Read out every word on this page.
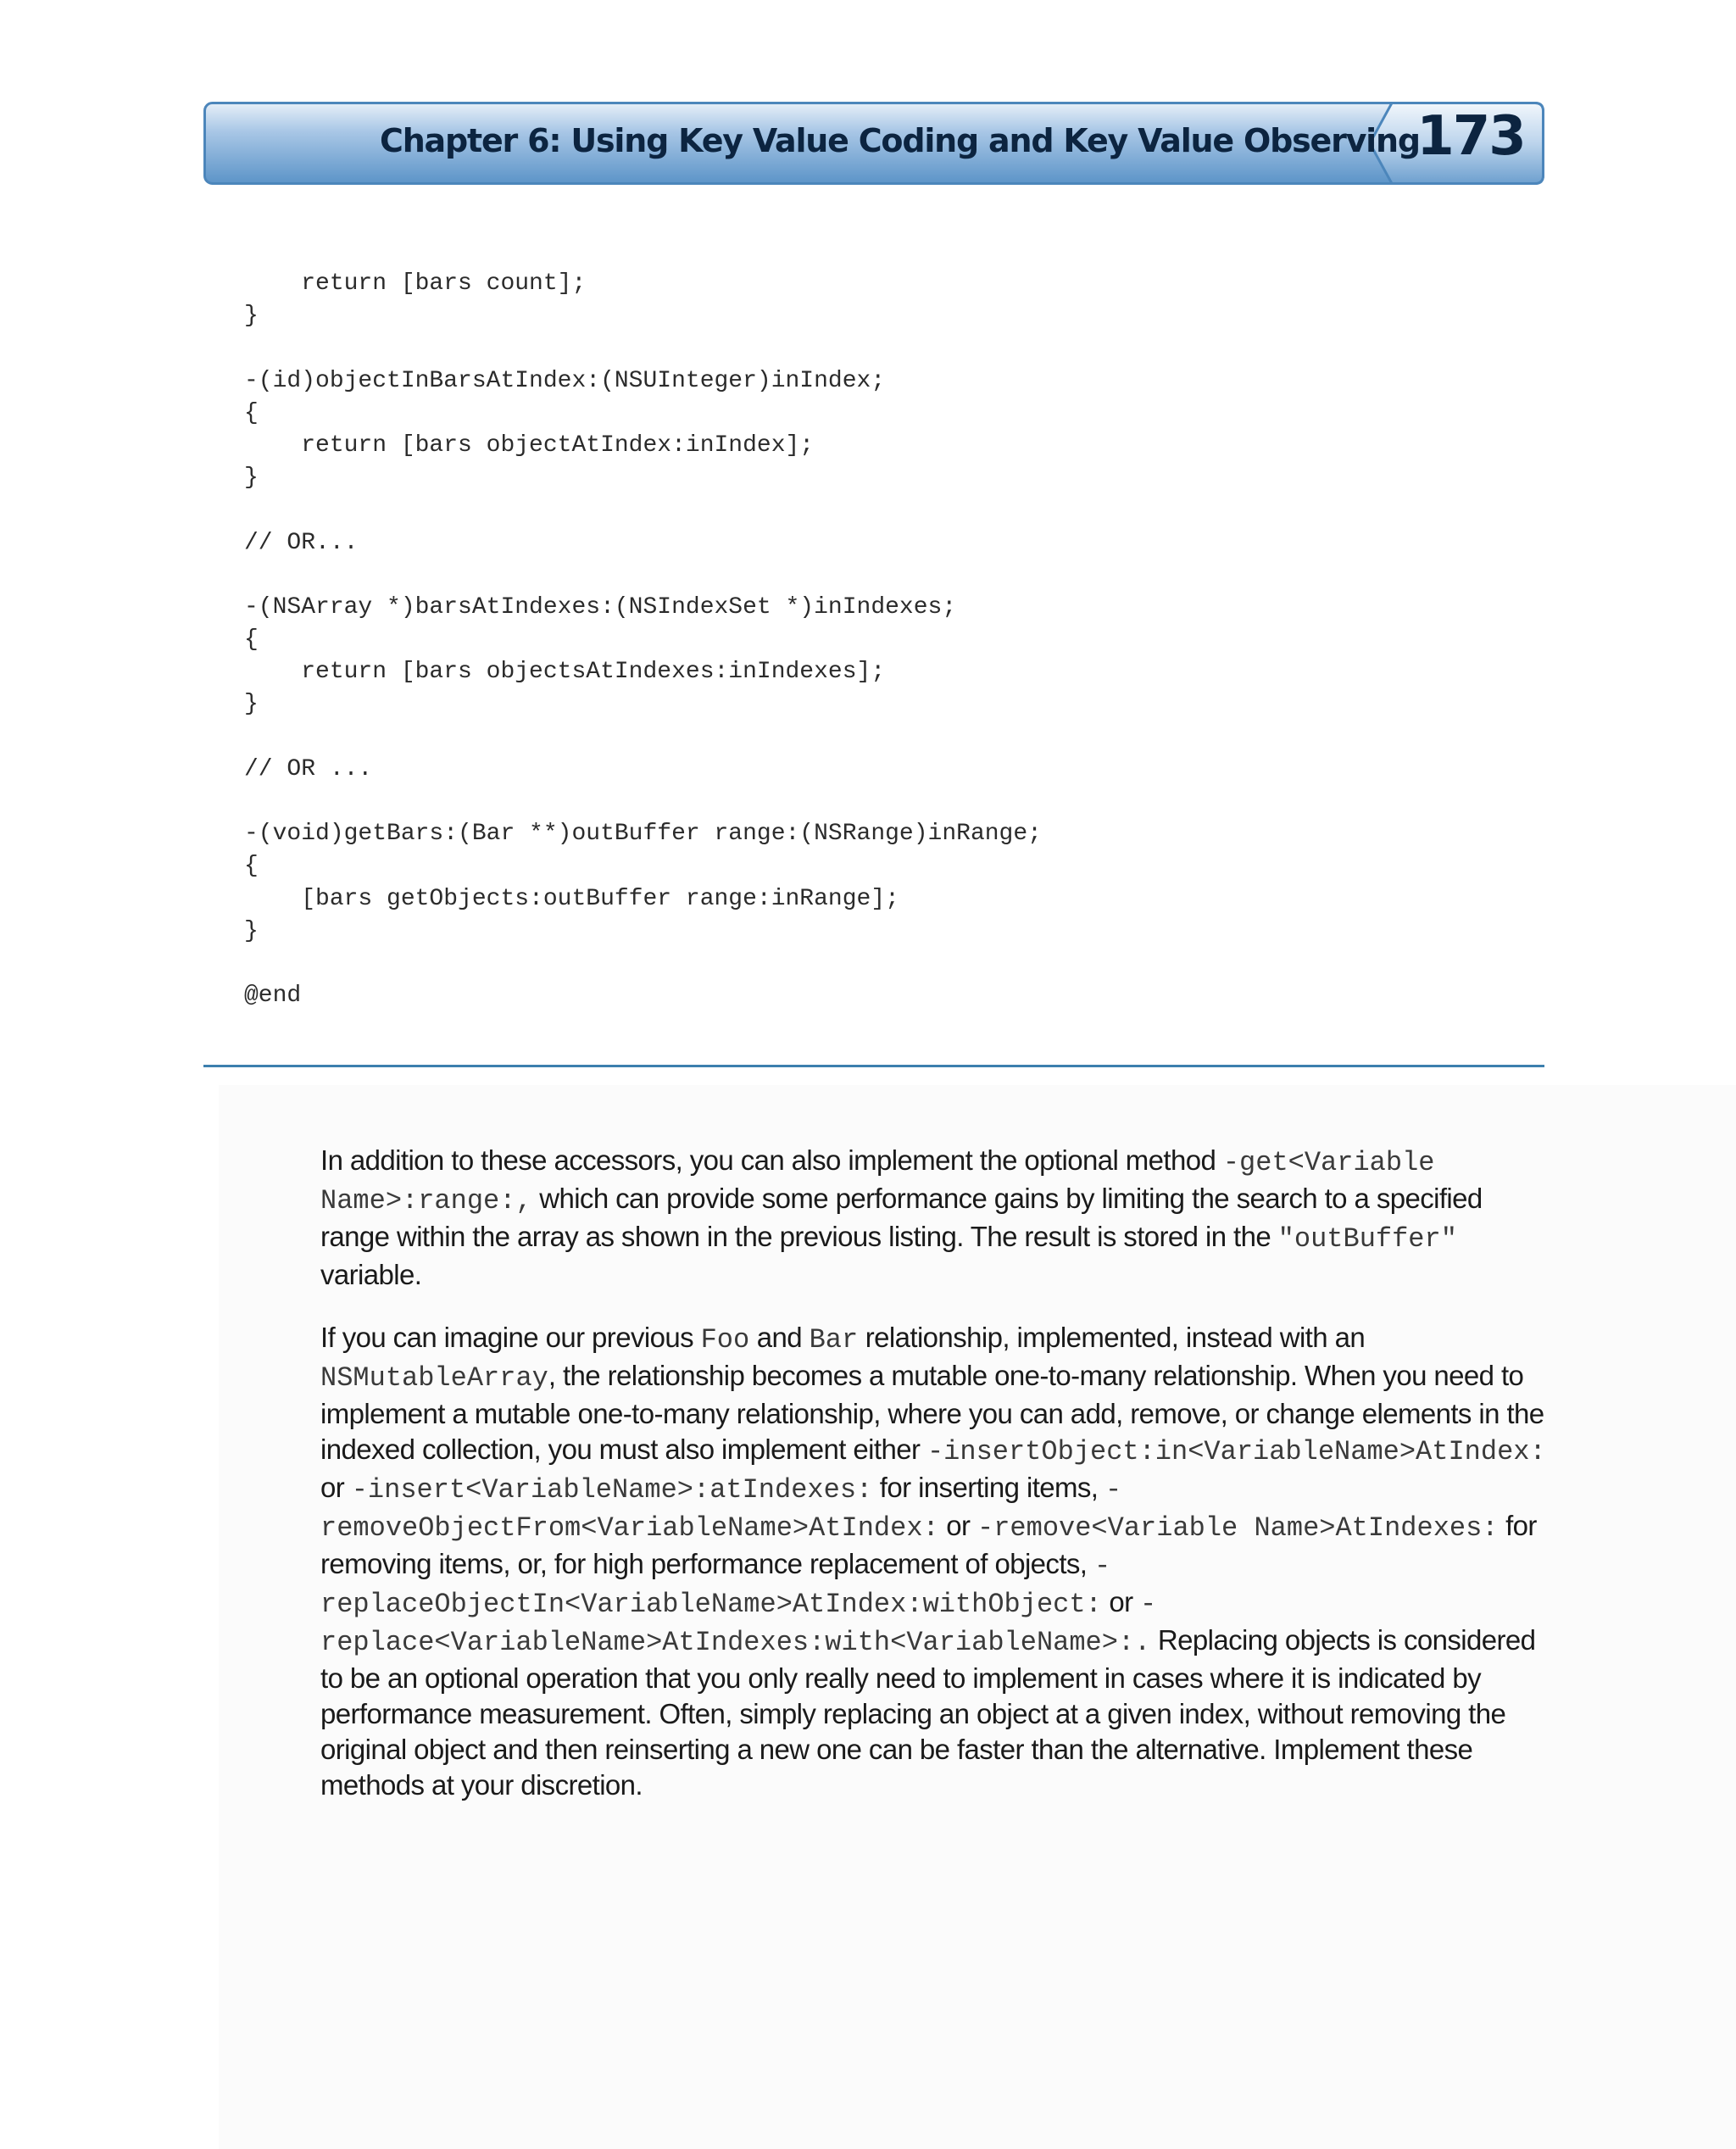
Chapter 6: Using Key Value Coding and Key Value Observing
173
return [bars count];
}
-(id)objectInBarsAtIndex:(NSUInteger)inIndex;
{
return [bars objectAtIndex:inIndex];
}
// OR...
-(NSArray *)barsAtIndexes:(NSIndexSet *)inIndexes;
{
return [bars objectsAtIndexes:inIndexes];
}
// OR ...
-(void)getBars:(Bar **)outBuffer range:(NSRange)inRange;
{
[bars getObjects:outBuffer range:inRange];
}
@end

In addition to these accessors, you can also implement the optional method -get<Variable Name>:range:, which can provide some performance gains by limiting the search to a specified range within the array as shown in the previous listing. The result is stored in the "outBuffer" variable.

If you can imagine our previous Foo and Bar relationship, implemented, instead with an NSMutableArray, the relationship becomes a mutable one-to-many relationship. When you need to implement a mutable one-to-many relationship, where you can add, remove, or change elements in the indexed collection, you must also implement either -insertObject:in<VariableName>AtIndex: or -insert<VariableName>:atIndexes: for inserting items, -removeObjectFrom<VariableName>AtIndex: or -remove<Variable Name>AtIndexes: for removing items, or, for high performance replacement of objects, -replaceObjectIn<VariableName>AtIndex:withObject: or -replace<VariableName>AtIndexes:with<VariableName>:. Replacing objects is considered to be an optional operation that you only really need to implement in cases where it is indicated by performance measurement. Often, simply replacing an object at a given index, without removing the original object and then reinserting a new one can be faster than the alternative. Implement these methods at your discretion.
